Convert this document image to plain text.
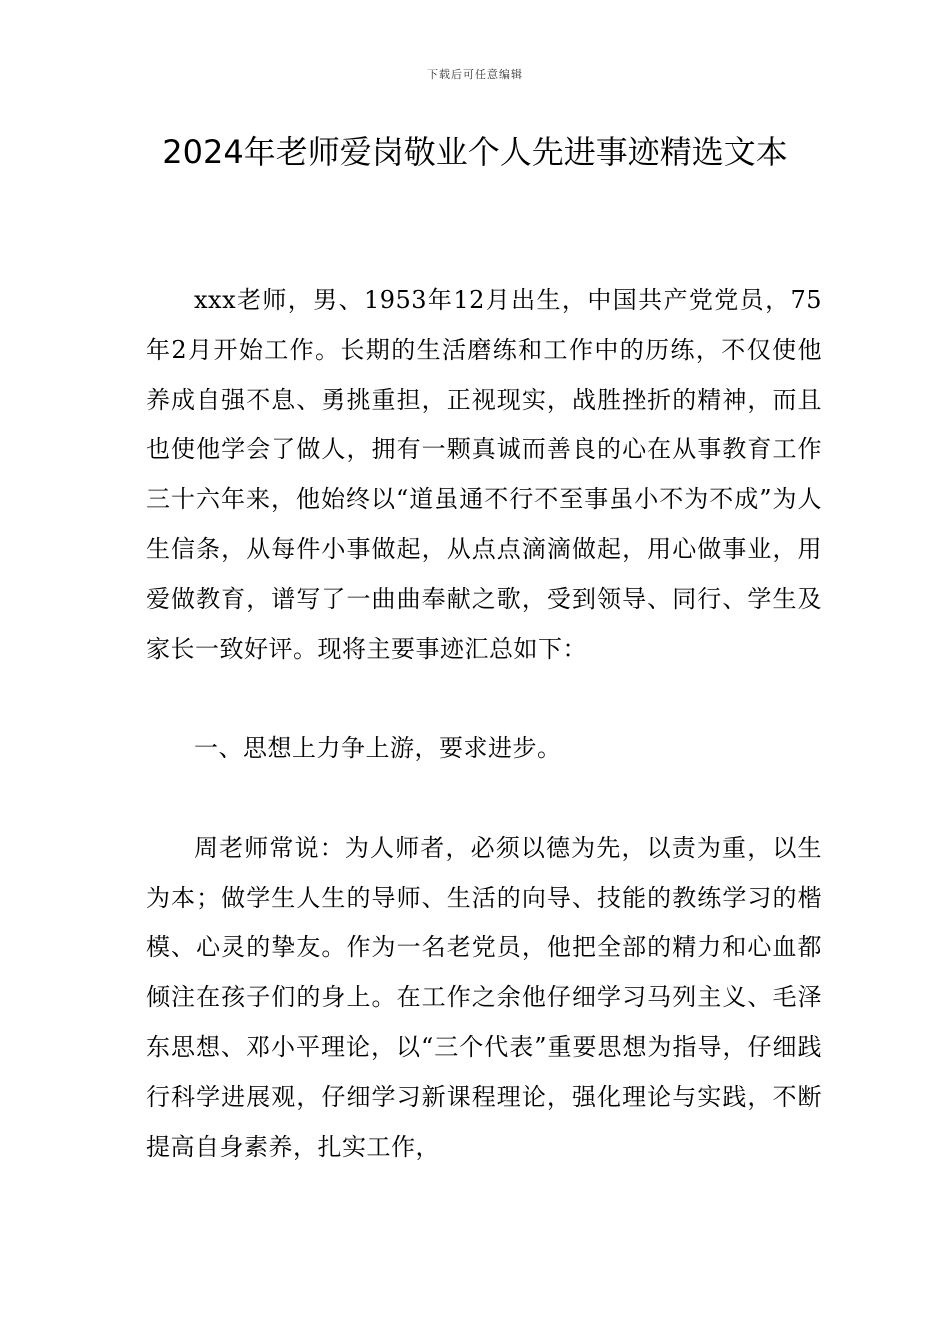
下载后可任意编辑
2024年老师爱岗敬业个人先进事迹精选文本

xxx老师，男、1953年12月出生，中国共产党党员，75年2月开始工作。长期的生活磨练和工作中的历练，不仅使他养成自强不息、勇挑重担，正视现实，战胜挫折的精神，而且也使他学会了做人，拥有一颗真诚而善良的心在从事教育工作三十六年来，他始终以“道虽通不行不至事虽小不为不成”为人生信条，从每件小事做起，从点点滴滴做起，用心做事业，用爱做教育，谱写了一曲曲奉献之歌，受到领导、同行、学生及家长一致好评。现将主要事迹汇总如下：

一、思想上力争上游，要求进步。

周老师常说：为人师者，必须以德为先，以责为重，以生为本；做学生人生的导师、生活的向导、技能的教练学习的楷模、心灵的挚友。作为一名老党员，他把全部的精力和心血都倾注在孩子们的身上。在工作之余他仔细学习马列主义、毛泽东思想、邓小平理论，以“三个代表”重要思想为指导，仔细践行科学进展观，仔细学习新课程理论，强化理论与实践，不断提高自身素养，扎实工作，
